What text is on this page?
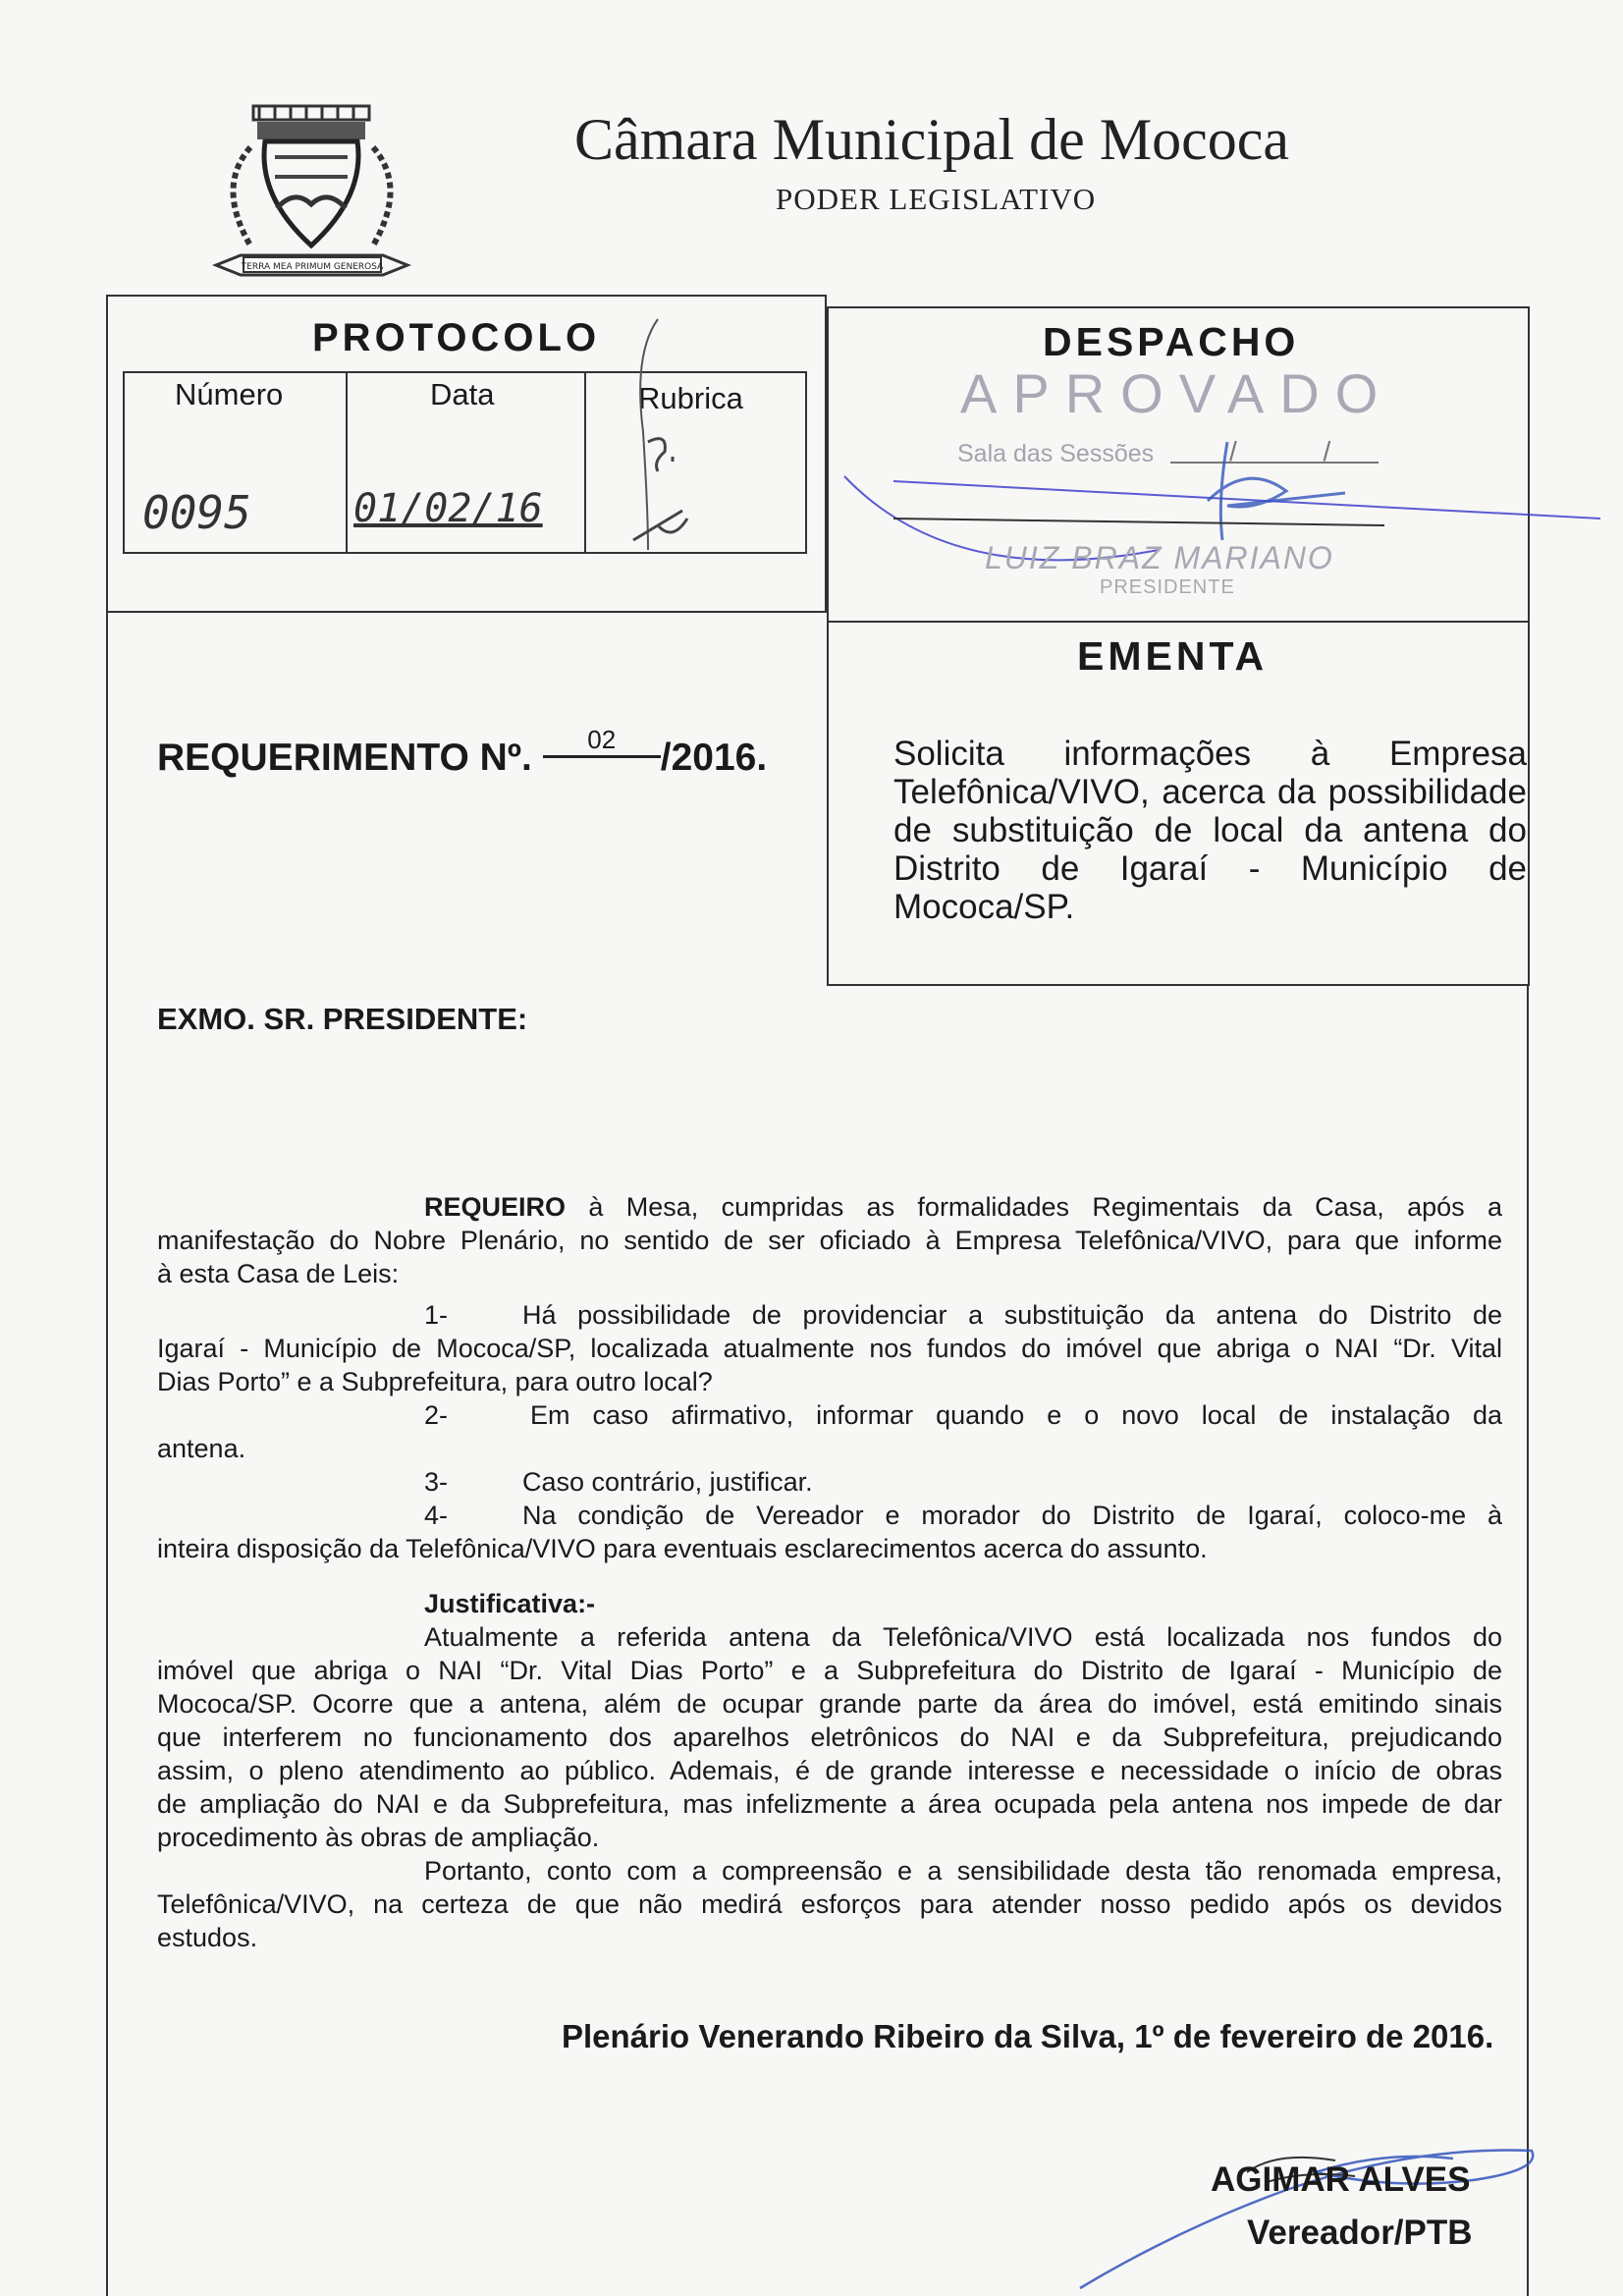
TERRA MEA PRIMUM GENEROSA
Câmara Municipal de Mococa
PODER LEGISLATIVO
PROTOCOLO
Número	Data	Rubrica
0095	01/02/16
DESPACHO
APROVADO
Sala das Sessões	/ /
LUIZ BRAZ MARIANO
PRESIDENTE
EMENTA
Solicita informações à Empresa Telefônica/VIVO, acerca da possibilidade de substituição de local da antena do Distrito de Igaraí - Município de Mococa/SP.
REQUERIMENTO Nº. 02 /2016.
EXMO. SR. PRESIDENTE:
REQUEIRO à Mesa, cumpridas as formalidades Regimentais da Casa, após a
manifestação do Nobre Plenário, no sentido de ser oficiado à Empresa Telefônica/VIVO, para que informe
à esta Casa de Leis:
1-	Há possibilidade de providenciar a substituição da antena do Distrito de
Igaraí - Município de Mococa/SP, localizada atualmente nos fundos do imóvel que abriga o NAI “Dr. Vital
Dias Porto” e a Subprefeitura, para outro local?
2-	Em caso afirmativo, informar quando e o novo local de instalação da
antena.
3-	Caso contrário, justificar.
4-	Na condição de Vereador e morador do Distrito de Igaraí, coloco-me à
inteira disposição da Telefônica/VIVO para eventuais esclarecimentos acerca do assunto.
Justificativa:-
Atualmente a referida antena da Telefônica/VIVO está localizada nos fundos do
imóvel que abriga o NAI “Dr. Vital Dias Porto” e a Subprefeitura do Distrito de Igaraí - Município de
Mococa/SP. Ocorre que a antena, além de ocupar grande parte da área do imóvel, está emitindo sinais
que interferem no funcionamento dos aparelhos eletrônicos do NAI e da Subprefeitura, prejudicando
assim, o pleno atendimento ao público. Ademais, é de grande interesse e necessidade o início de obras
de ampliação do NAI e da Subprefeitura, mas infelizmente a área ocupada pela antena nos impede de dar
procedimento às obras de ampliação.
Portanto, conto com a compreensão e a sensibilidade desta tão renomada empresa,
Telefônica/VIVO, na certeza de que não medirá esforços para atender nosso pedido após os devidos
estudos.
Plenário Venerando Ribeiro da Silva, 1º de fevereiro de 2016.
AGIMAR ALVES
Vereador/PTB
